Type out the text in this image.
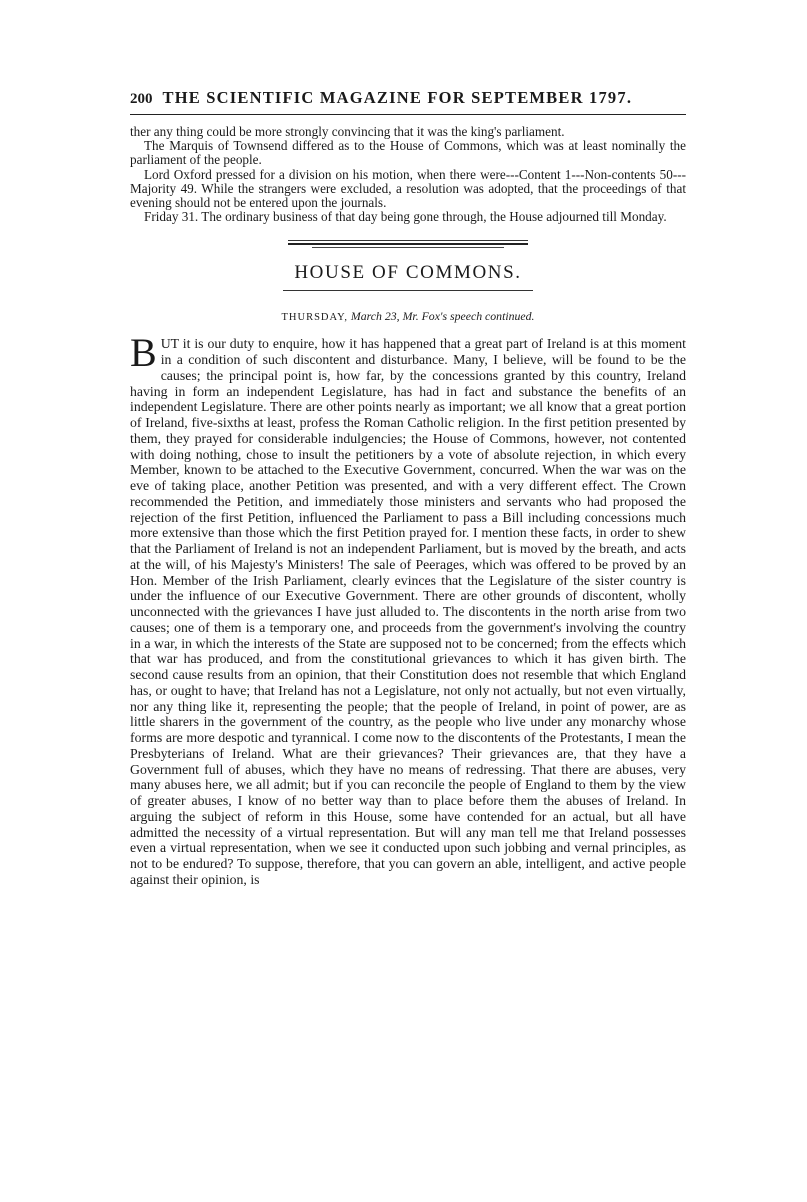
200 THE SCIENTIFIC MAGAZINE FOR SEPTEMBER 1797.

ther any thing could be more strongly convincing that it was the king's parliament.

The Marquis of Townsend differed as to the House of Commons, which was at least nominally the parliament of the people.

Lord Oxford pressed for a division on his motion, when there were---Content 1---Non-contents 50---Majority 49. While the strangers were excluded, a resolution was adopted, that the proceedings of that evening should not be entered upon the journals.

Friday 31. The ordinary business of that day being gone through, the House adjourned till Monday.

HOUSE OF COMMONS.
THURSDAY, March 23, Mr. Fox's speech continued.

BUT it is our duty to enquire, how it has happened that a great part of Ireland is at this moment in a condition of such discontent and disturbance. Many, I believe, will be found to be the causes; the principal point is, how far, by the concessions granted by this country, Ireland having in form an independent Legislature, has had in fact and substance the benefits of an independent Legislature. There are other points nearly as important; we all know that a great portion of Ireland, five-sixths at least, profess the Roman Catholic religion. In the first petition presented by them, they prayed for considerable indulgencies; the House of Commons, however, not contented with doing nothing, chose to insult the petitioners by a vote of absolute rejection, in which every Member, known to be attached to the Executive Government, concurred. When the war was on the eve of taking place, another Petition was presented, and with a very different effect. The Crown recommended the Petition, and immediately those ministers and servants who had proposed the rejection of the first Petition, influenced the Parliament to pass a Bill including concessions much more extensive than those which the first Petition prayed for. I mention these facts, in order to shew that the Parliament of Ireland is not an independent Parliament, but is moved by the breath, and acts at the will, of his Majesty's Ministers! The sale of Peerages, which was offered to be proved by an Hon. Member of the Irish Parliament, clearly evinces that the Legislature of the sister country is under the influence of our Executive Government. There are other grounds of discontent, wholly unconnected with the grievances I have just alluded to. The discontents in the north arise from two causes; one of them is a temporary one, and proceeds from the government's involving the country in a war, in which the interests of the State are supposed not to be concerned; from the effects which that war has produced, and from the constitutional grievances to which it has given birth. The second cause results from an opinion, that their Constitution does not resemble that which England has, or ought to have; that Ireland has not a Legislature, not only not actually, but not even virtually, nor any thing like it, representing the people; that the people of Ireland, in point of power, are as little sharers in the government of the country, as the people who live under any monarchy whose forms are more despotic and tyrannical. I come now to the discontents of the Protestants, I mean the Presbyterians of Ireland. What are their grievances? Their grievances are, that they have a Government full of abuses, which they have no means of redressing. That there are abuses, very many abuses here, we all admit; but if you can reconcile the people of England to them by the view of greater abuses, I know of no better way than to place before them the abuses of Ireland. In arguing the subject of reform in this House, some have contended for an actual, but all have admitted the necessity of a virtual representation. But will any man tell me that Ireland possesses even a virtual representation, when we see it conducted upon such jobbing and vernal principles, as not to be endured? To suppose, therefore, that you can govern an able, intelligent, and active people against their opinion, is
